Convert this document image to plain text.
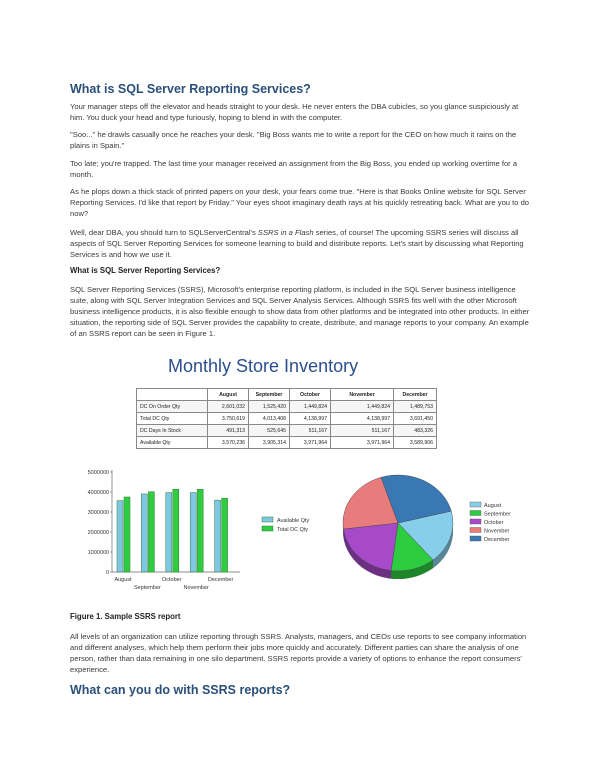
What is SQL Server Reporting Services?

Your manager steps off the elevator and heads straight to your desk. He never enters the DBA cubicles, so you glance suspiciously at him. You duck your head and type furiously, hoping to blend in with the computer.

"Soo..." he drawls casually once he reaches your desk. "Big Boss wants me to write a report for the CEO on how much it rains on the plains in Spain."

Too late; you're trapped. The last time your manager received an assignment from the Big Boss, you ended up working overtime for a month.

As he plops down a thick stack of printed papers on your desk, your fears come true. "Here is that Books Online website for SQL Server Reporting Services. I'd like that report by Friday." Your eyes shoot imaginary death rays at his quickly retreating back. What are you to do now?

Well, dear DBA, you should turn to SQLServerCentral's SSRS in a Flash series, of course! The upcoming SSRS series will discuss all aspects of SQL Server Reporting Services for someone learning to build and distribute reports. Let's start by discussing what Reporting Services is and how we use it.

What is SQL Server Reporting Services?

SQL Server Reporting Services (SSRS), Microsoft's enterprise reporting platform, is included in the SQL Server business intelligence suite, along with SQL Server Integration Services and SQL Server Analysis Services. Although SSRS fits well with the other Microsoft business intelligence products, it is also flexible enough to show data from other platforms and be integrated into other products. In either situation, the reporting side of SQL Server provides the capability to create, distribute, and manage reports to your company. An example of an SSRS report can be seen in Figure 1.

Figure 1. Sample SSRS report

All levels of an organization can utilize reporting through SSRS. Analysts, managers, and CEOs use reports to see company information and different analyses, which help them perform their jobs more quickly and accurately. Different parties can share the analysis of one person, rather than data remaining in one silo department. SSRS reports provide a variety of options to enhance the report consumers' experience.

What can you do with SSRS reports?
Monthly Store Inventory
	August	September	October	November	December
DC On Order Qty	2,601,032	1,525,420	1,449,824	1,449,824	1,489,753
Total DC Qty	3,750,619	4,013,408	4,138,997	4,138,997	3,691,450
DC Days In Stock	491,313	525,645	511,167	511,167	483,326
Available Qty	3,570,236	3,905,314	3,971,964	3,971,964	3,589,906
0
1000000
2000000
3000000
4000000
5000000
August
September
October
November
December
Available Qty
Total DC Qty
August
September
October
November
December
